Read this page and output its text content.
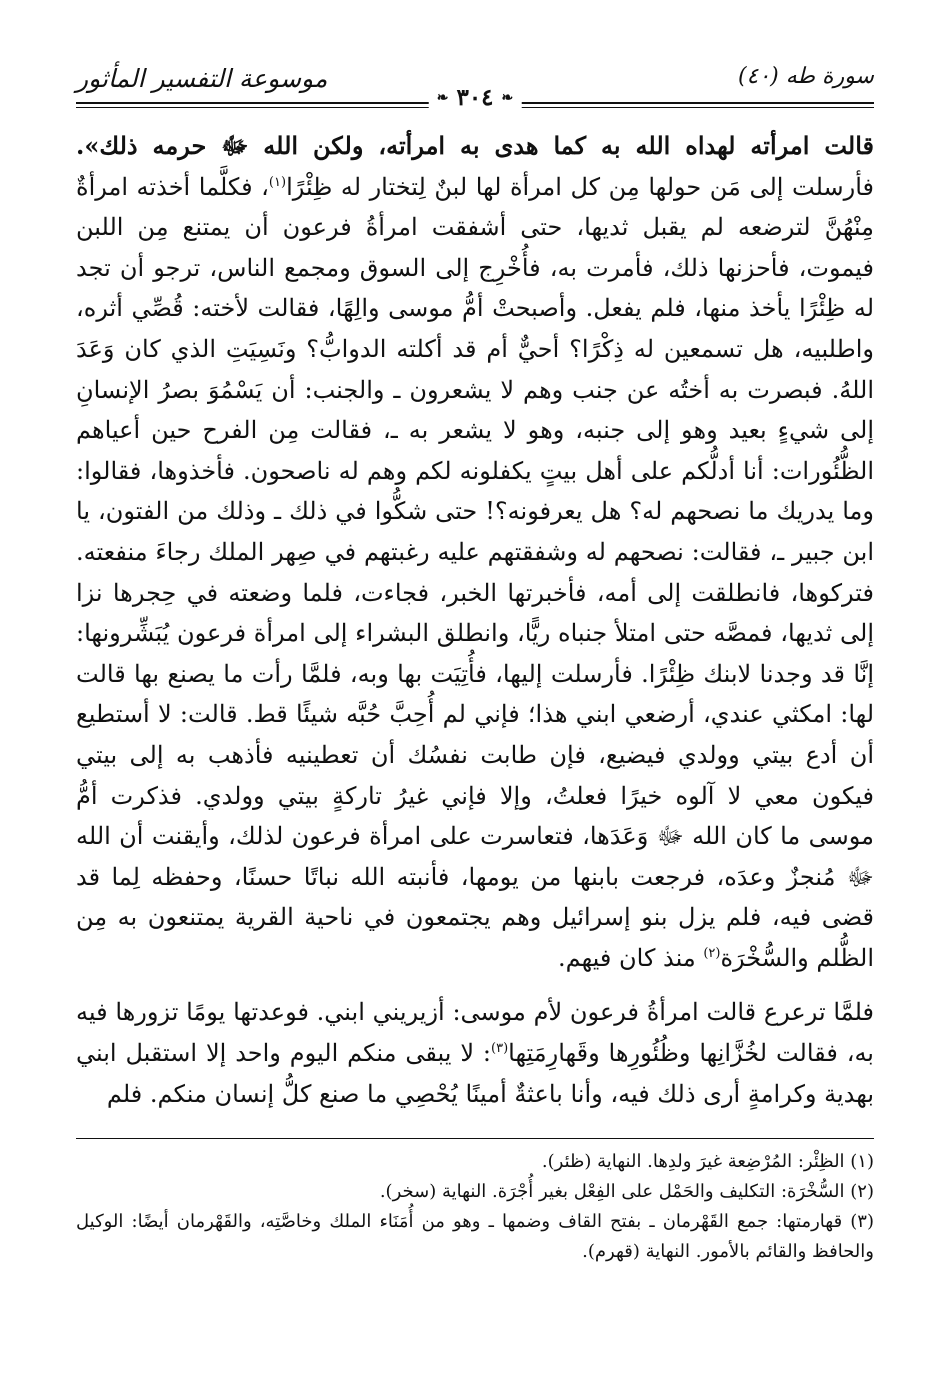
سورة طه (٤٠)
موسوعة التفسير المأثور
❧
٣٠٤
❧

قالت امرأته لهداه الله به كما هدى به امرأته، ولكن الله ﷻ حرمه ذلك». فأرسلت إلى مَن حولها مِن كل امرأة لها لبنٌ لِتختار له ظِئْرًا$^{(١)}$، فكلَّما أخذته امرأةٌ مِنْهُنَّ لترضعه لم يقبل ثديها، حتى أشفقت امرأةُ فرعون أن يمتنع مِن اللبن فيموت، فأحزنها ذلك، فأمرت به، فأُخْرِج إلى السوق ومجمع الناس، ترجو أن تجد له ظِئْرًا يأخذ منها، فلم يفعل. وأصبحتْ أمُّ موسى والِهًا، فقالت لأخته: قُصِّي أثره، واطلبيه، هل تسمعين له ذِكْرًا؟ أحيٌّ أم قد أكلته الدوابُّ؟ ونَسِيَتِ الذي كان وَعَدَ اللهُ. فبصرت به أختُه عن جنب وهم لا يشعرون ـ والجنب: أن يَسْمُوَ بصرُ الإنسانِ إلى شيءٍ بعيد وهو إلى جنبه، وهو لا يشعر به ـ، فقالت مِن الفرح حين أعياهم الظُّئُورات: أنا أدلُّكم على أهل بيتٍ يكفلونه لكم وهم له ناصحون. فأخذوها، فقالوا: وما يدريك ما نصحهم له؟ هل يعرفونه؟! حتى شكُّوا في ذلك ـ وذلك من الفتون، يا ابن جبير ـ، فقالت: نصحهم له وشفقتهم عليه رغبتهم في صِهر الملك رجاءَ منفعته. فتركوها، فانطلقت إلى أمه، فأخبرتها الخبر، فجاءت، فلما وضعته في حِجرها نزا إلى ثديها، فمصَّه حتى امتلأ جنباه ريًّا، وانطلق البشراء إلى امرأة فرعون يُبَشِّرونها: إنَّا قد وجدنا لابنك ظِئْرًا. فأرسلت إليها، فأُتِيَت بها وبه، فلمَّا رأت ما يصنع بها قالت لها: امكثي عندي، أرضعي ابني هذا؛ فإني لم أُحِبَّ حُبَّه شيئًا قط. قالت: لا أستطيع أن أدع بيتي وولدي فيضيع، فإن طابت نفسُك أن تعطينيه فأذهب به إلى بيتي فيكون معي لا آلوه خيرًا فعلتُ، وإلا فإني غيرُ تاركةٍ بيتي وولدي. فذكرت أمُّ موسى ما كان الله ﷻ وَعَدَها، فتعاسرت على امرأة فرعون لذلك، وأيقنت أن الله ﷻ مُنجزٌ وعدَه، فرجعت بابنها من يومها، فأنبته الله نباتًا حسنًا، وحفظه لِما قد قضى فيه، فلم يزل بنو إسرائيل وهم يجتمعون في ناحية القرية يمتنعون به مِن الظُّلم والسُّخْرَة$^{(٢)}$ منذ كان فيهم.

فلمَّا ترعرع قالت امرأةُ فرعون لأم موسى: أزيريني ابني. فوعدتها يومًا تزورها فيه به، فقالت لخُزَّانِها وظُئُورِها وقَهارِمَتِها$^{(٣)}$: لا يبقى منكم اليوم واحد إلا استقبل ابني بهدية وكرامةٍ أرى ذلك فيه، وأنا باعثةٌ أمينًا يُحْصِي ما صنع كلُّ إنسان منكم. فلم

(١) الظِئْر: المُرْضِعة غيرَ ولدِها. النهاية (ظئر).

(٢) السُّخْرَة: التكليف والحَمْل على الفِعْل بغير أُجْرَة. النهاية (سخر).

(٣) قهارمتها: جمع القَهْرمان ـ بفتح القاف وضمها ـ وهو من أُمَنَاء الملك وخاصَّتِه، والقَهْرمان أيضًا: الوكيل والحافظ والقائم بالأمور. النهاية (قهرم).
